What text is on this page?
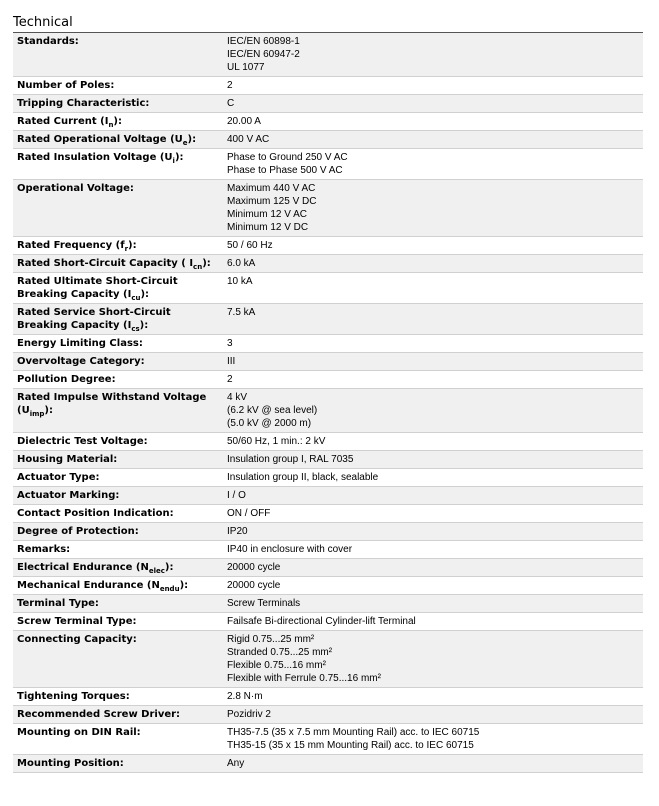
Technical
Standards:	IEC/EN 60898-1
IEC/EN 60947-2
UL 1077

Number of Poles:	2

Tripping Characteristic:	C

Rated Current $(I_n)$:	20.00 A

Rated Operational Voltage $(U_e)$:	400 V AC

Rated Insulation Voltage $(U_i)$:	Phase to Ground 250 V AC
Phase to Phase 500 V AC

Operational Voltage:	Maximum 440 V AC
Maximum 125 V DC
Minimum 12 V AC
Minimum 12 V DC

Rated Frequency $(f_r)$:	50 / 60 Hz

Rated Short-Circuit Capacity ( $I_{cn}$):	6.0 kA

Rated Ultimate Short-Circuit Breaking Capacity $(I_{cu})$:	10 kA

Rated Service Short-Circuit Breaking Capacity $(I_{cs})$:	7.5 kA

Energy Limiting Class:	3

Overvoltage Category:	III

Pollution Degree:	2

Rated Impulse Withstand Voltage $(U_{imp})$:	4 kV
(6.2 kV @ sea level)
(5.0 kV @ 2000 m)

Dielectric Test Voltage:	50/60 Hz, 1 min.: 2 kV

Housing Material:	Insulation group I, RAL 7035

Actuator Type:	Insulation group II, black, sealable

Actuator Marking:	I / O

Contact Position Indication:	ON / OFF

Degree of Protection:	IP20

Remarks:	IP40 in enclosure with cover

Electrical Endurance $(N_{elec})$:	20000 cycle

Mechanical Endurance $(N_{endu})$:	20000 cycle

Terminal Type:	Screw Terminals

Screw Terminal Type:	Failsafe Bi-directional Cylinder-lift Terminal

Connecting Capacity:	Rigid 0.75...25 mm²
Stranded 0.75...25 mm²
Flexible 0.75...16 mm²
Flexible with Ferrule 0.75...16 mm²

Tightening Torques:	2.8 N·m

Recommended Screw Driver:	Pozidriv 2

Mounting on DIN Rail:	TH35-7.5 (35 x 7.5 mm Mounting Rail) acc. to IEC 60715
TH35-15 (35 x 15 mm Mounting Rail) acc. to IEC 60715

Mounting Position:	Any
